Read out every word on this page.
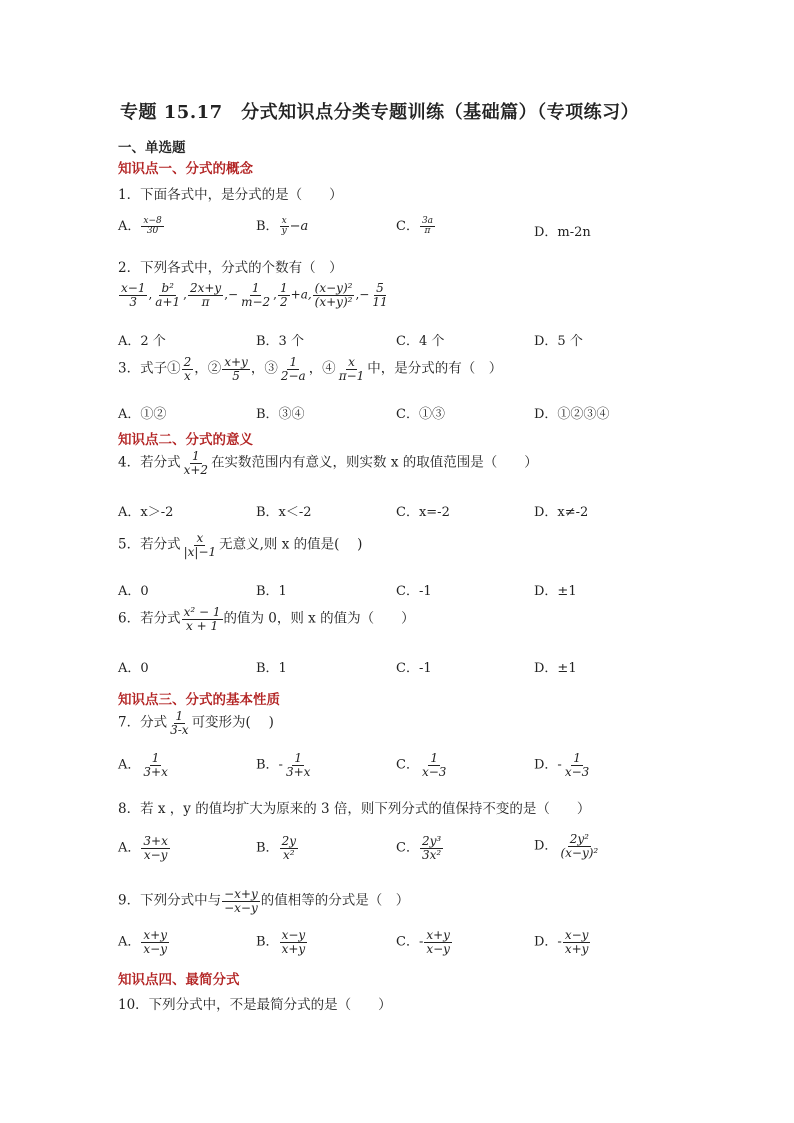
专题 15.17　分式知识点分类专题训练（基础篇）（专项练习）
一、单选题
知识点一、分式的概念
1．下面各式中，是分式的是（　　）
A． $\frac{x-8}{30}$	B． $\frac{x}{y} -a$	C． $\frac{3a}{\pi}$	D．m-2n
2．下列各式中，分式的个数有（　）
$\frac{x-1}{3}$ , $\frac{\text{b²}}{a+1}$ , $\frac{2x+y}{\pi}$ ,− $\frac{1}{m-2}$ , $\frac{1}{2} +a$, $\frac{\text{(x−y)²}}{\text{(x+y)²}}$ ,− $\frac{5}{11}$
A．2 个	B．3 个	C．4 个	D．5 个
3．式子① $\frac{2}{x}$ ，② $\frac{x+y}{5}$ ，③ $\frac{1}{2-a}$ ，④ $\frac{x}{\pi-1}$ 中，是分式的有（　）
A．①②	B．③④	C．①③	D．①②③④
知识点二、分式的意义
4．若分式 $\frac{1}{x+2}$ 在实数范围内有意义，则实数 x 的取值范围是（　　）
A．x＞-2	B．x＜-2	C．x=-2	D．x≠-2
5．若分式 $\frac{x}{|x|-1}$ 无意义,则 x 的值是(　 )
A．0	B．1	C．-1	D．±1
6．若分式 $\frac{\text{x² − 1}}{x + 1}$ 的值为 0，则 x 的值为（　　）
A．0	B．1	C．-1	D．±1
知识点三、分式的基本性质
7．分式 $\frac{1}{3-x}$ 可变形为(　 )
A． $\frac{1}{3+x}$	B．- $\frac{1}{3+x}$	C． $\frac{1}{x-3}$	D．- $\frac{1}{x-3}$
8．若 x ，y 的值均扩大为原来的 3 倍，则下列分式的值保持不变的是（　　）
A． $\frac{3+x}{x-y}$	B． $\frac{2y}{\text{x²}}$	C． $\frac{\text{2y³}}{\text{3x²}}$	D． $\frac{\text{2y²}}{\text{(x−y)²}}$
9．下列分式中与 $\frac{-x+y}{-x-y}$ 的值相等的分式是（　）
A． $\frac{x+y}{x-y}$	B． $\frac{x-y}{x+y}$	C．- $\frac{x+y}{x-y}$	D．- $\frac{x-y}{x+y}$
知识点四、最简分式
10．下列分式中，不是最简分式的是（　　）
